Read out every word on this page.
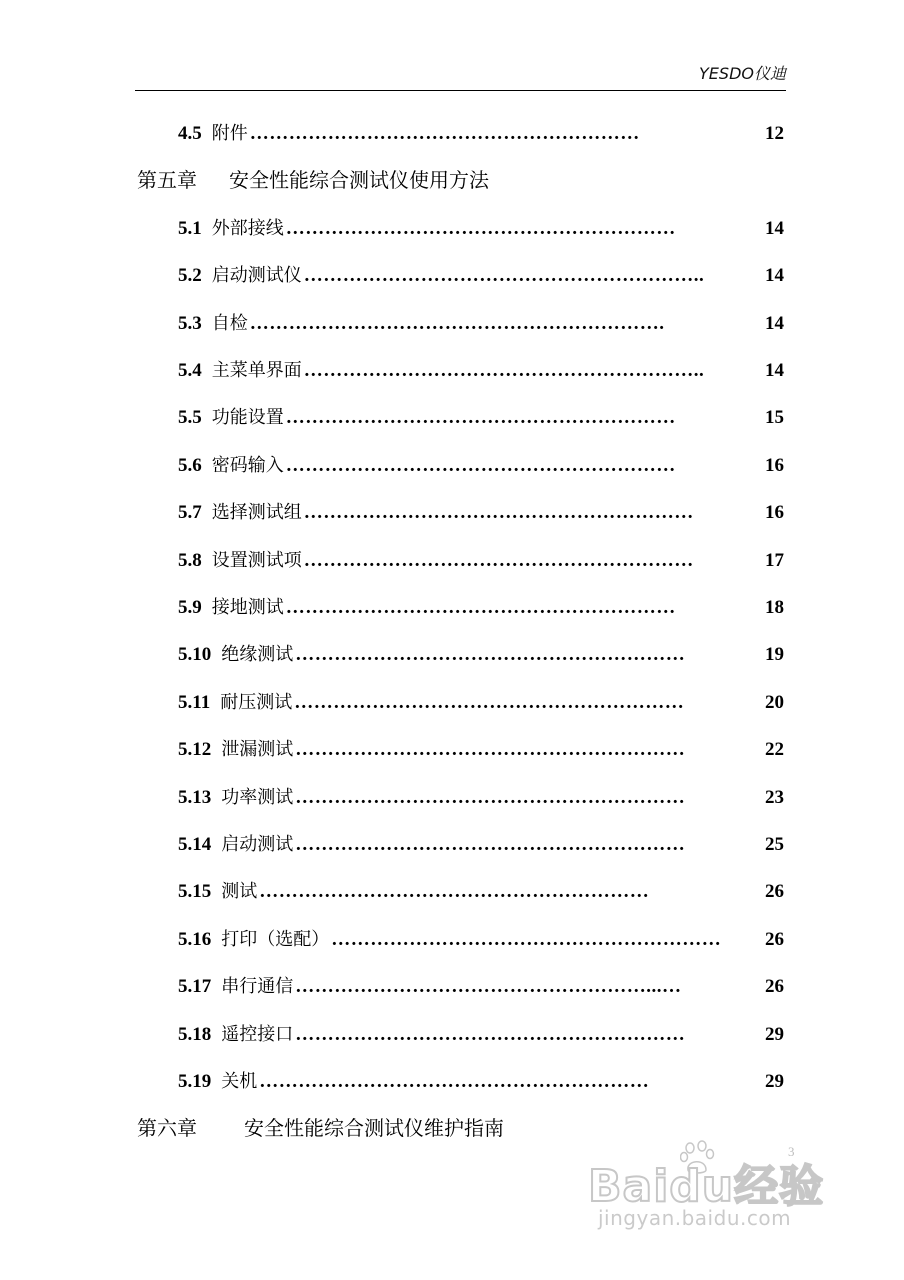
YESDO仪迪
4.5 附件 ……………………………………………………	12
第五章 安全性能综合测试仪使用方法
5.1 外部接线 ……………………………………………………	14
5.2 启动测试仪 ……………………………………………………..	14
5.3 自检 ……………………………………………………….	14
5.4 主菜单界面 ……………………………………………………..	14
5.5 功能设置 ……………………………………………………	15
5.6 密码输入 ……………………………………………………	16
5.7 选择测试组 ……………………………………………………	16
5.8 设置测试项 ……………………………………………………	17
5.9 接地测试 ……………………………………………………	18
5.10 绝缘测试 ……………………………………………………	19
5.11 耐压测试 ……………………………………………………	20
5.12 泄漏测试 ……………………………………………………	22
5.13 功率测试 ……………………………………………………	23
5.14 启动测试 ……………………………………………………	25
5.15 测试 ……………………………………………………	26
5.16 打印（选配） ……………………………………………………	26
5.17 串行通信 ………………………………………………...…	26
5.18 遥控接口 ……………………………………………………	29
5.19 关机 ……………………………………………………	29
第六章 安全性能综合测试仪维护指南
Baidu经验
3
jingyan.baidu.com
